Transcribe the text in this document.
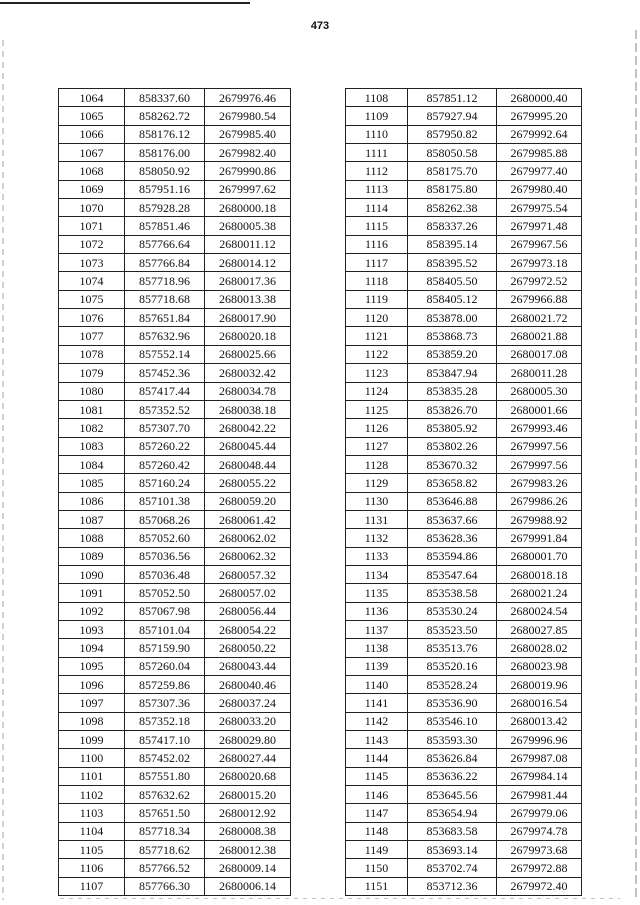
473
1064	858337.60	2679976.46
1065	858262.72	2679980.54
1066	858176.12	2679985.40
1067	858176.00	2679982.40
1068	858050.92	2679990.86
1069	857951.16	2679997.62
1070	857928.28	2680000.18
1071	857851.46	2680005.38
1072	857766.64	2680011.12
1073	857766.84	2680014.12
1074	857718.96	2680017.36
1075	857718.68	2680013.38
1076	857651.84	2680017.90
1077	857632.96	2680020.18
1078	857552.14	2680025.66
1079	857452.36	2680032.42
1080	857417.44	2680034.78
1081	857352.52	2680038.18
1082	857307.70	2680042.22
1083	857260.22	2680045.44
1084	857260.42	2680048.44
1085	857160.24	2680055.22
1086	857101.38	2680059.20
1087	857068.26	2680061.42
1088	857052.60	2680062.02
1089	857036.56	2680062.32
1090	857036.48	2680057.32
1091	857052.50	2680057.02
1092	857067.98	2680056.44
1093	857101.04	2680054.22
1094	857159.90	2680050.22
1095	857260.04	2680043.44
1096	857259.86	2680040.46
1097	857307.36	2680037.24
1098	857352.18	2680033.20
1099	857417.10	2680029.80
1100	857452.02	2680027.44
1101	857551.80	2680020.68
1102	857632.62	2680015.20
1103	857651.50	2680012.92
1104	857718.34	2680008.38
1105	857718.62	2680012.38
1106	857766.52	2680009.14
1107	857766.30	2680006.14
1108	857851.12	2680000.40
1109	857927.94	2679995.20
1110	857950.82	2679992.64
1111	858050.58	2679985.88
1112	858175.70	2679977.40
1113	858175.80	2679980.40
1114	858262.38	2679975.54
1115	858337.26	2679971.48
1116	858395.14	2679967.56
1117	858395.52	2679973.18
1118	858405.50	2679972.52
1119	858405.12	2679966.88
1120	853878.00	2680021.72
1121	853868.73	2680021.88
1122	853859.20	2680017.08
1123	853847.94	2680011.28
1124	853835.28	2680005.30
1125	853826.70	2680001.66
1126	853805.92	2679993.46
1127	853802.26	2679997.56
1128	853670.32	2679997.56
1129	853658.82	2679983.26
1130	853646.88	2679986.26
1131	853637.66	2679988.92
1132	853628.36	2679991.84
1133	853594.86	2680001.70
1134	853547.64	2680018.18
1135	853538.58	2680021.24
1136	853530.24	2680024.54
1137	853523.50	2680027.85
1138	853513.76	2680028.02
1139	853520.16	2680023.98
1140	853528.24	2680019.96
1141	853536.90	2680016.54
1142	853546.10	2680013.42
1143	853593.30	2679996.96
1144	853626.84	2679987.08
1145	853636.22	2679984.14
1146	853645.56	2679981.44
1147	853654.94	2679979.06
1148	853683.58	2679974.78
1149	853693.14	2679973.68
1150	853702.74	2679972.88
1151	853712.36	2679972.40
